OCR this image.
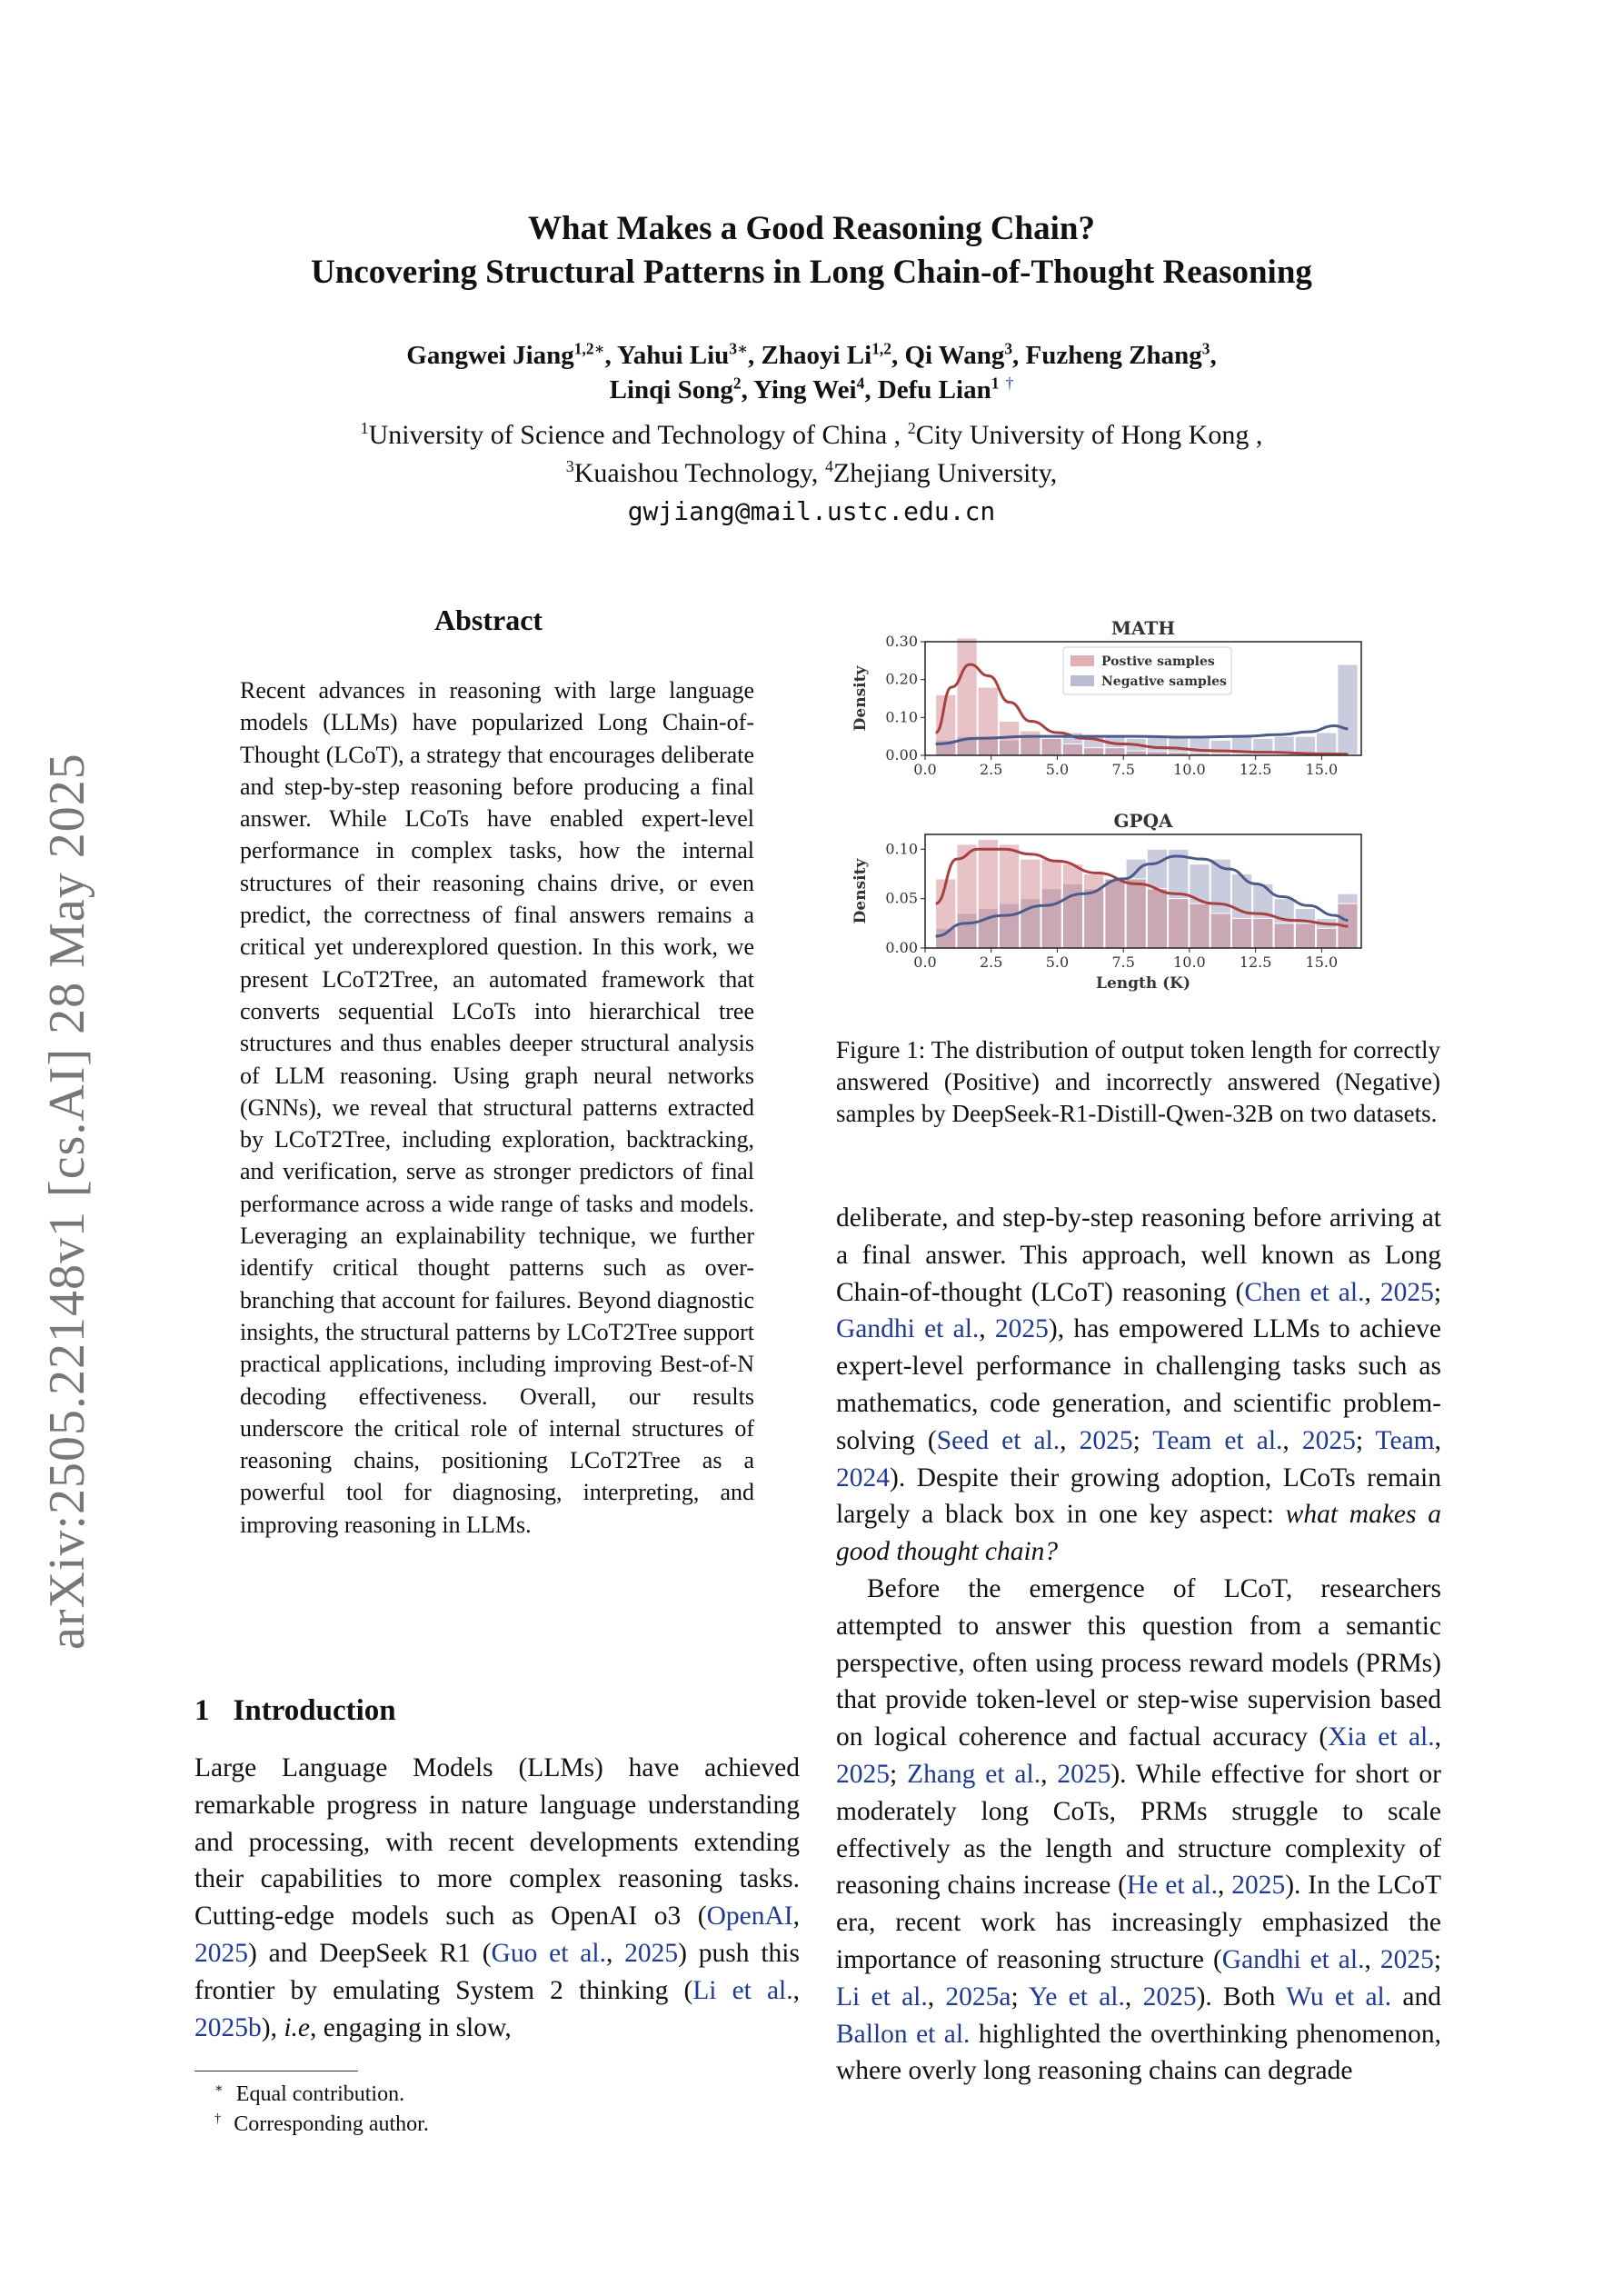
What Makes a Good Reasoning Chain?
Uncovering Structural Patterns in Long Chain-of-Thought Reasoning
Gangwei Jiang$^{1,2∗}$, Yahui Liu$^{3∗}$, Zhaoyi Li$^{1,2}$, Qi Wang$^3$, Fuzheng Zhang$^3$,
Linqi Song$^2$, Ying Wei$^4$, Defu Lian$^1$ †
$^1$University of Science and Technology of China , $^2$City University of Hong Kong ,
$^3$Kuaishou Technology, $^4$Zhejiang University,
gwjiang@mail.ustc.edu.cn
arXiv:2505.22148v1 [cs.AI] 28 May 2025
Abstract
Recent advances in reasoning with large language models (LLMs) have popularized Long Chain-of-Thought (LCoT), a strategy that encourages deliberate and step-by-step reasoning before producing a final answer. While LCoTs have enabled expert-level performance in complex tasks, how the internal structures of their reasoning chains drive, or even predict, the correctness of final answers remains a critical yet underexplored question. In this work, we present LCoT2Tree, an automated framework that converts sequential LCoTs into hierarchical tree structures and thus enables deeper structural analysis of LLM reasoning. Using graph neural networks (GNNs), we reveal that structural patterns extracted by LCoT2Tree, including exploration, backtracking, and verification, serve as stronger predictors of final performance across a wide range of tasks and models. Leveraging an explainability technique, we further identify critical thought patterns such as over-branching that account for failures. Beyond diagnostic insights, the structural patterns by LCoT2Tree support practical applications, including improving Best-of-N decoding effectiveness. Overall, our results underscore the critical role of internal structures of reasoning chains, positioning LCoT2Tree as a powerful tool for diagnosing, interpreting, and improving reasoning in LLMs.
1 Introduction
Large Language Models (LLMs) have achieved remarkable progress in nature language understanding and processing, with recent developments extending their capabilities to more complex reasoning tasks. Cutting-edge models such as OpenAI o3 (OpenAI, 2025) and DeepSeek R1 (Guo et al., 2025) push this frontier by emulating System 2 thinking (Li et al., 2025b), i.e, engaging in slow,
∗ Equal contribution.
† Corresponding author.
MATH
0.0	2.5	5.0	7.5	10.0 12.5 15.0
0.00
0.10
0.20
0.30
Density
Postive samples
Negative samples
GPQA
0.0	2.5	5.0	7.5	10.0 12.5 15.0
0.00
0.05
0.10
Density
Length (K)
Figure 1: The distribution of output token length for correctly answered (Positive) and incorrectly answered (Negative) samples by DeepSeek-R1-Distill-Qwen-32B on two datasets.

deliberate, and step-by-step reasoning before arriving at a final answer. This approach, well known as Long Chain-of-thought (LCoT) reasoning (Chen et al., 2025; Gandhi et al., 2025), has empowered LLMs to achieve expert-level performance in challenging tasks such as mathematics, code generation, and scientific problem-solving (Seed et al., 2025; Team et al., 2025; Team, 2024). Despite their growing adoption, LCoTs remain largely a black box in one key aspect: what makes a good thought chain?

Before the emergence of LCoT, researchers attempted to answer this question from a semantic perspective, often using process reward models (PRMs) that provide token-level or step-wise supervision based on logical coherence and factual accuracy (Xia et al., 2025; Zhang et al., 2025). While effective for short or moderately long CoTs, PRMs struggle to scale effectively as the length and structure complexity of reasoning chains increase (He et al., 2025). In the LCoT era, recent work has increasingly emphasized the importance of reasoning structure (Gandhi et al., 2025; Li et al., 2025a; Ye et al., 2025). Both Wu et al. and Ballon et al. highlighted the overthinking phenomenon, where overly long reasoning chains can degrade
